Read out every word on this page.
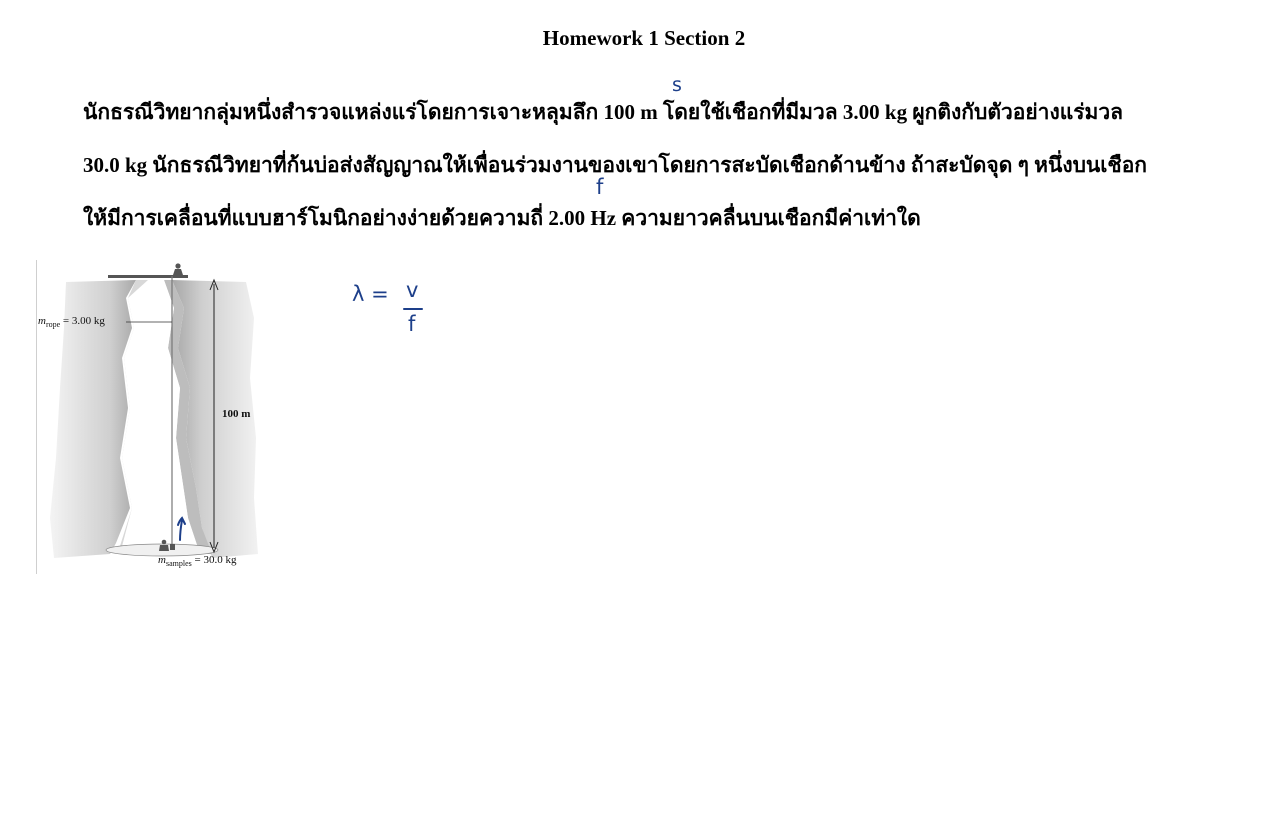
Homework 1 Section 2
นักธรณีวิทยากลุ่มหนึ่งสำรวจแหล่งแร่โดยการเจาะหลุมลึก 100 m โดยใช้เชือกที่มีมวล 3.00 kg ผูกติงกับตัวอย่างแร่มวล
30.0 kg นักธรณีวิทยาที่ก้นบ่อส่งสัญญาณให้เพื่อนร่วมงานของเขาโดยการสะบัดเชือกด้านข้าง ถ้าสะบัดจุด ๆ หนึ่งบนเชือก
ให้มีการเคลื่อนที่แบบฮาร์โมนิกอย่างง่ายด้วยความถี่ 2.00 Hz ความยาวคลื่นบนเชือกมีค่าเท่าใด
s
f
$m_{rope} = 3.00$ kg
100 m
$m_{samples} = 30.0$ kg
λ = v
f
